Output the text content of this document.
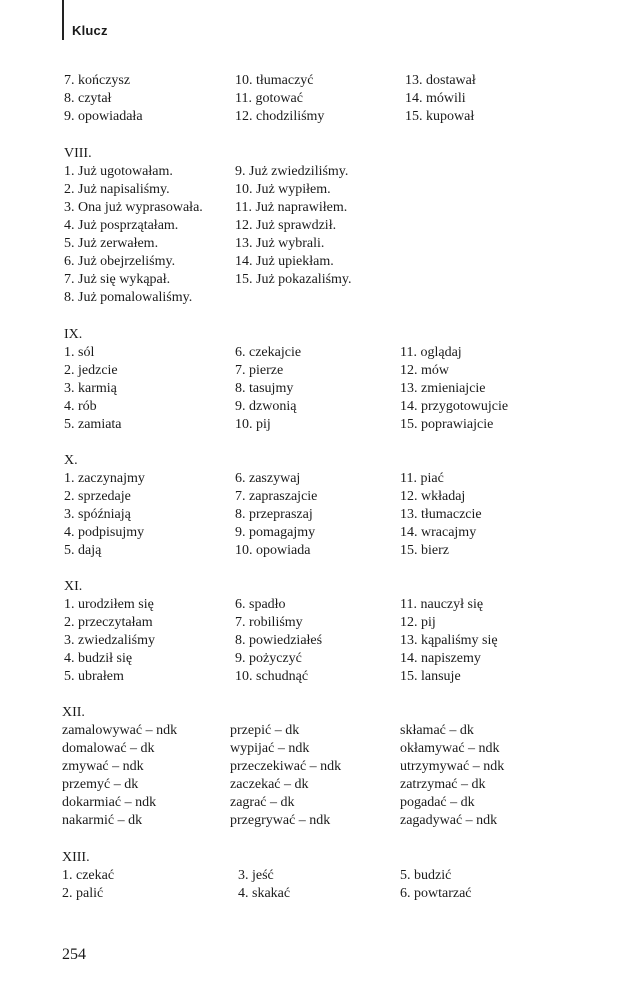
Klucz
7. kończysz
8. czytał
9. opowiadała
10. tłumaczyć
11. gotować
12. chodziliśmy
13. dostawał
14. mówili
15. kupował
VIII.
1. Już ugotowałam.
2. Już napisaliśmy.
3. Ona już wyprasowała.
4. Już posprzątałam.
5. Już zerwałem.
6. Już obejrzeliśmy.
7. Już się wykąpał.
8. Już pomalowaliśmy.
9. Już zwiedziliśmy.
10. Już wypiłem.
11. Już naprawiłem.
12. Już sprawdził.
13. Już wybrali.
14. Już upiekłam.
15. Już pokazaliśmy.
IX.
1. sól
2. jedzcie
3. karmią
4. rób
5. zamiata
6. czekajcie
7. pierze
8. tasujmy
9. dzwonią
10. pij
11. oglądaj
12. mów
13. zmieniajcie
14. przygotowujcie
15. poprawiajcie
X.
1. zaczynajmy
2. sprzedaje
3. spóźniają
4. podpisujmy
5. dają
6. zaszywaj
7. zapraszajcie
8. przepraszaj
9. pomagajmy
10. opowiada
11. piać
12. wkładaj
13. tłumaczcie
14. wracajmy
15. bierz
XI.
1. urodziłem się
2. przeczytałam
3. zwiedzaliśmy
4. budził się
5. ubrałem
6. spadło
7. robiliśmy
8. powiedziałeś
9. pożyczyć
10. schudnąć
11. nauczył się
12. pij
13. kąpaliśmy się
14. napiszemy
15. lansuje
XII.
zamalowywać – ndk
domalować – dk
zmywać – ndk
przemyć – dk
dokarmiać – ndk
nakarmić – dk
przepić – dk
wypijać – ndk
przeczekiwać – ndk
zaczekać – dk
zagrać – dk
przegrywać – ndk
skłamać – dk
okłamywać – ndk
utrzymywać – ndk
zatrzymać – dk
pogadać – dk
zagadywać – ndk
XIII.
1. czekać
2. palić
3. jeść
4. skakać
5. budzić
6. powtarzać
254
